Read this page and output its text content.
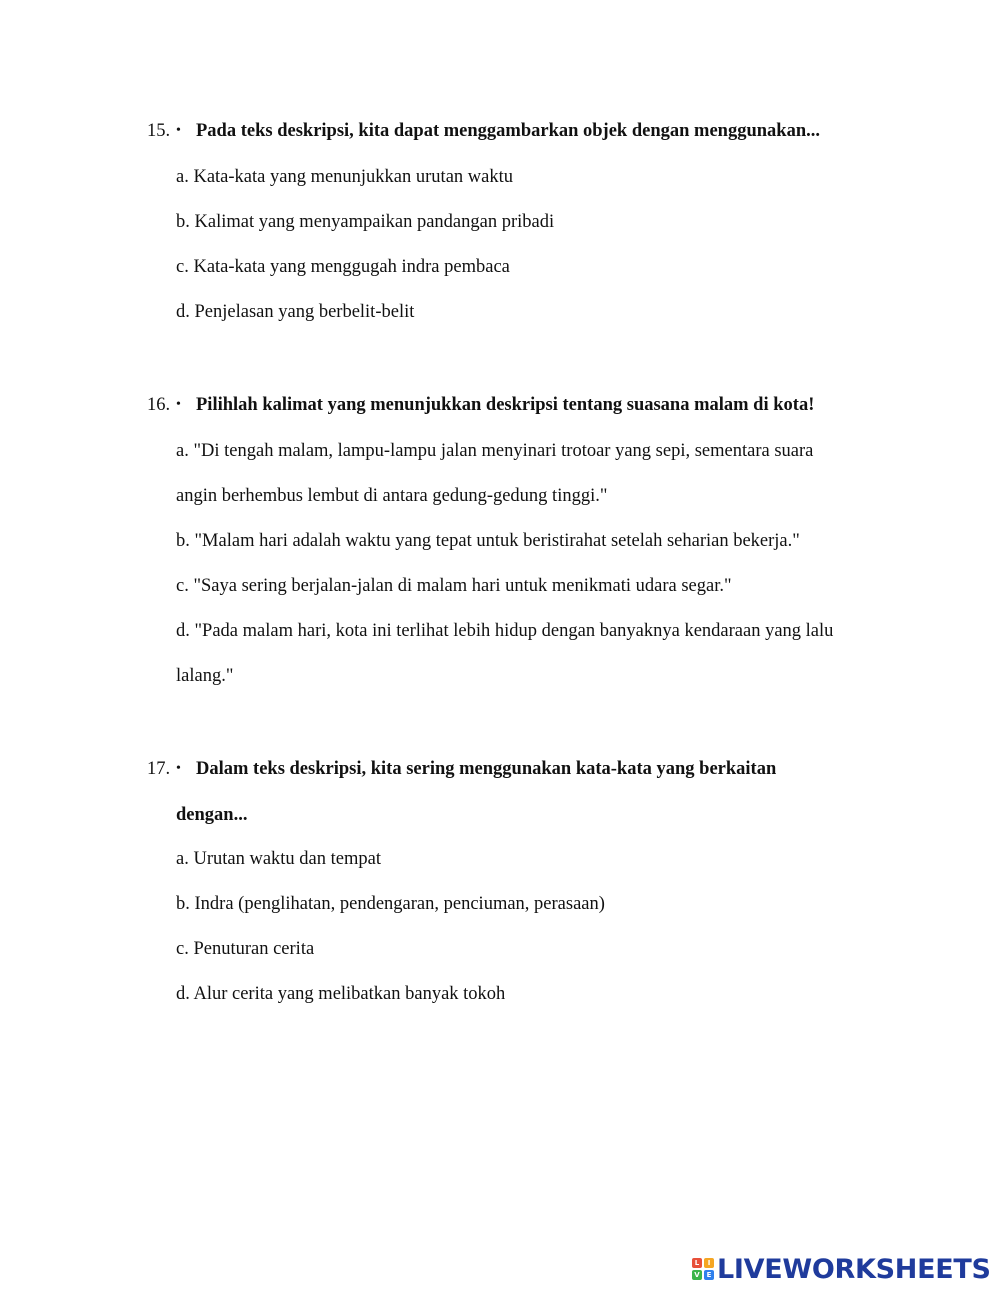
15. • Pada teks deskripsi, kita dapat menggambarkan objek dengan menggunakan...
a. Kata-kata yang menunjukkan urutan waktu
b. Kalimat yang menyampaikan pandangan pribadi
c. Kata-kata yang menggugah indra pembaca
d. Penjelasan yang berbelit-belit
16. • Pilihlah kalimat yang menunjukkan deskripsi tentang suasana malam di kota!
a. "Di tengah malam, lampu-lampu jalan menyinari trotoar yang sepi, sementara suara
angin berhembus lembut di antara gedung-gedung tinggi."
b. "Malam hari adalah waktu yang tepat untuk beristirahat setelah seharian bekerja."
c. "Saya sering berjalan-jalan di malam hari untuk menikmati udara segar."
d. "Pada malam hari, kota ini terlihat lebih hidup dengan banyaknya kendaraan yang lalu
lalang."
17. • Dalam teks deskripsi, kita sering menggunakan kata-kata yang berkaitan
dengan...
a. Urutan waktu dan tempat
b. Indra (penglihatan, pendengaran, penciuman, perasaan)
c. Penuturan cerita
d. Alur cerita yang melibatkan banyak tokoh
L	I
V E LIVEWORKSHEETS
